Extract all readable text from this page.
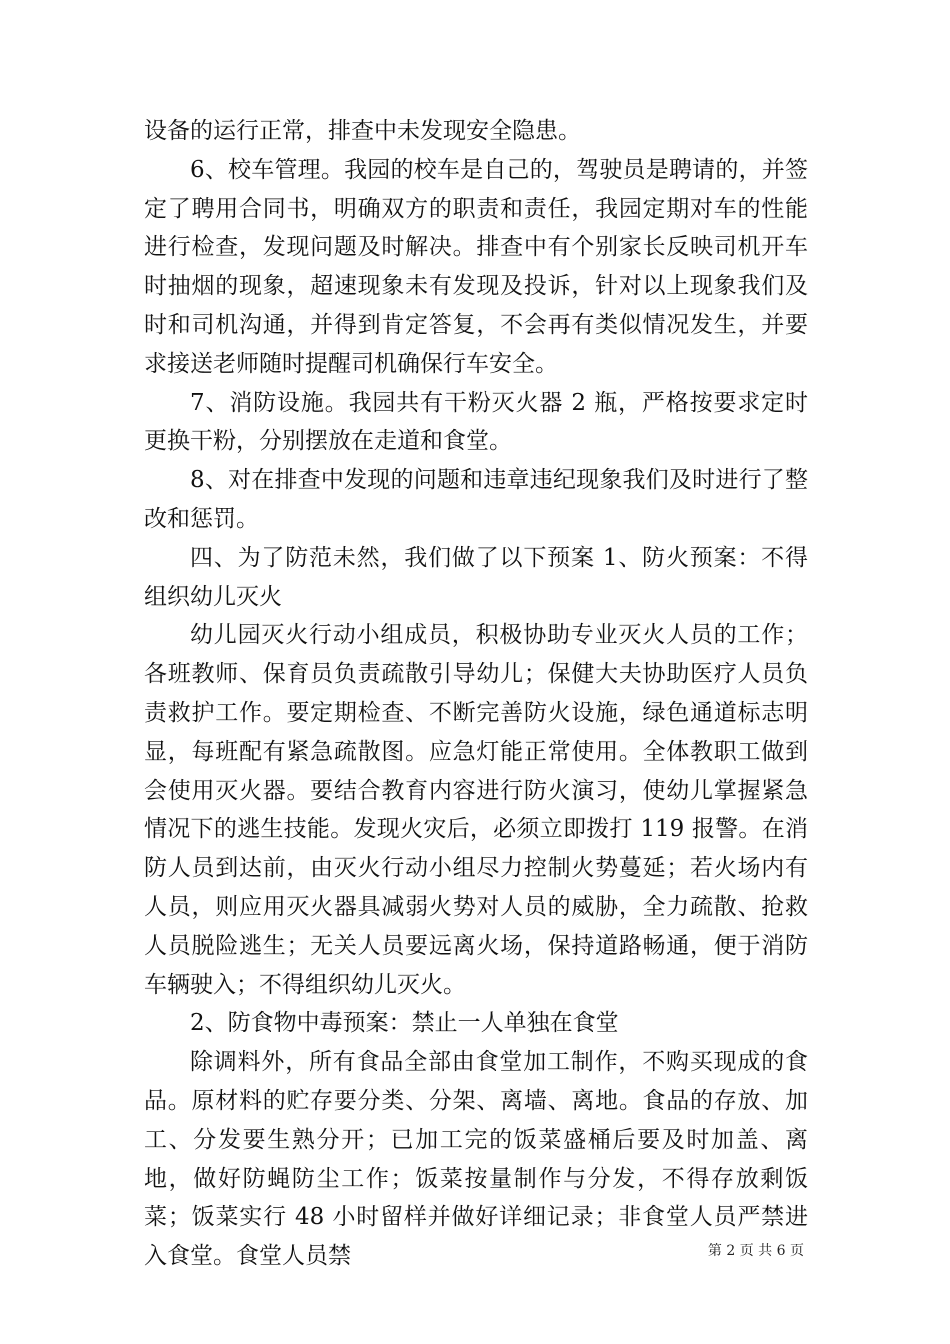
设备的运行正常，排查中未发现安全隐患。

6、校车管理。我园的校车是自己的，驾驶员是聘请的，并签定了聘用合同书，明确双方的职责和责任，我园定期对车的性能进行检查，发现问题及时解决。排查中有个别家长反映司机开车时抽烟的现象，超速现象未有发现及投诉，针对以上现象我们及时和司机沟通，并得到肯定答复，不会再有类似情况发生，并要求接送老师随时提醒司机确保行车安全。

7、消防设施。我园共有干粉灭火器 2 瓶，严格按要求定时更换干粉，分别摆放在走道和食堂。

8、对在排查中发现的问题和违章违纪现象我们及时进行了整改和惩罚。

四、为了防范未然，我们做了以下预案 1、防火预案：不得组织幼儿灭火

幼儿园灭火行动小组成员，积极协助专业灭火人员的工作；各班教师、保育员负责疏散引导幼儿；保健大夫协助医疗人员负责救护工作。要定期检查、不断完善防火设施，绿色通道标志明显，每班配有紧急疏散图。应急灯能正常使用。全体教职工做到会使用灭火器。要结合教育内容进行防火演习，使幼儿掌握紧急情况下的逃生技能。发现火灾后，必须立即拨打 119 报警。在消防人员到达前，由灭火行动小组尽力控制火势蔓延；若火场内有人员，则应用灭火器具减弱火势对人员的威胁，全力疏散、抢救人员脱险逃生；无关人员要远离火场，保持道路畅通，便于消防车辆驶入；不得组织幼儿灭火。

2、防食物中毒预案：禁止一人单独在食堂

除调料外，所有食品全部由食堂加工制作，不购买现成的食品。原材料的贮存要分类、分架、离墙、离地。食品的存放、加工、分发要生熟分开；已加工完的饭菜盛桶后要及时加盖、离地，做好防蝇防尘工作；饭菜按量制作与分发，不得存放剩饭菜；饭菜实行 48 小时留样并做好详细记录；非食堂人员严禁进入食堂。食堂人员禁	第 2 页 共 6 页
